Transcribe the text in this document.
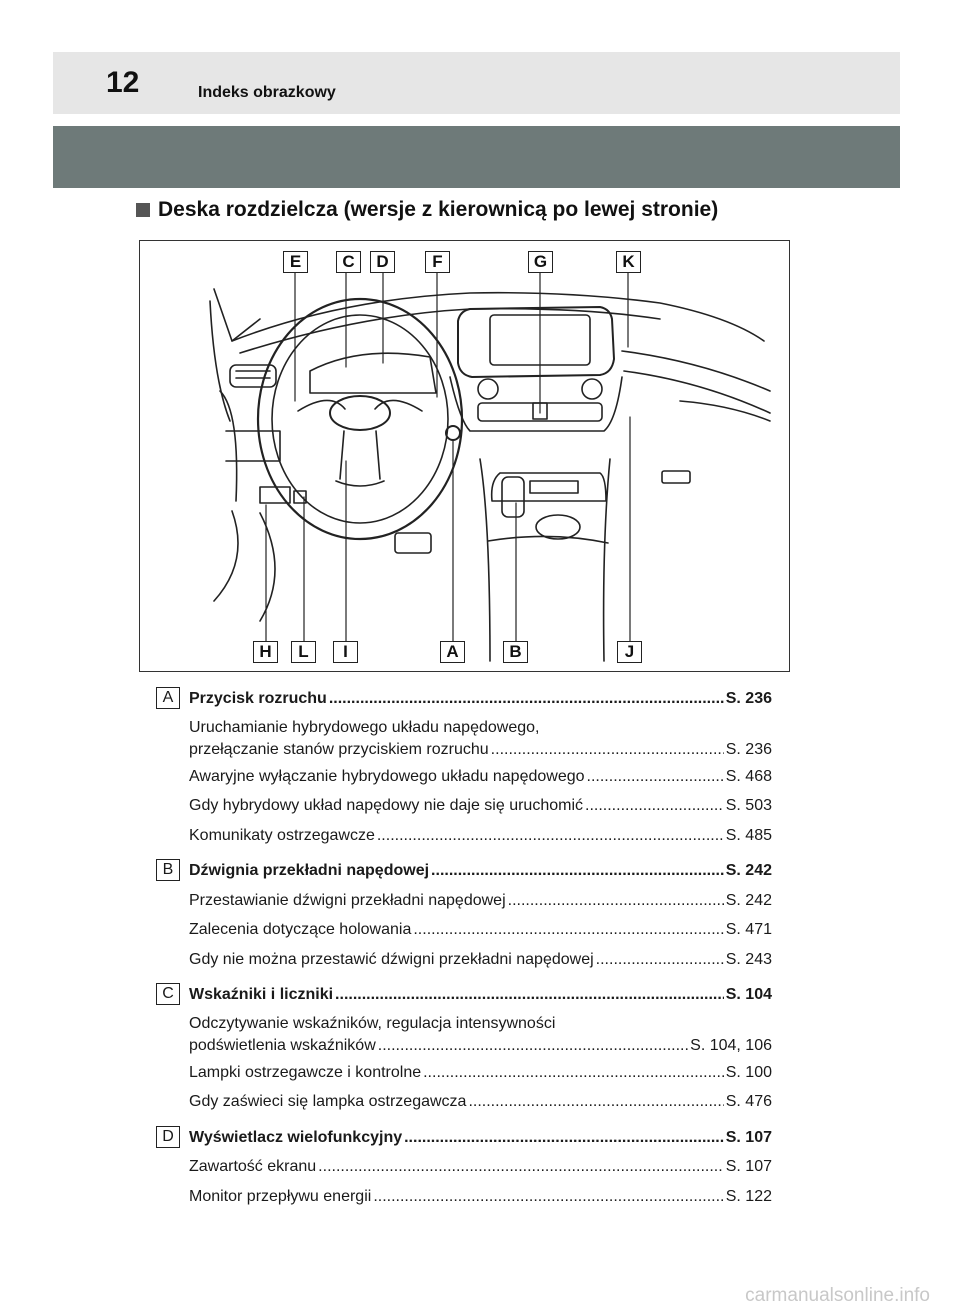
12	Indeks obrazkowy
Deska rozdzielcza (wersje z kierownicą po lewej stronie)
E	C	D	F	G	K
H	L	I	A	B	J
A Przycisk rozruchu .....	S. 236
Uruchamianie hybrydowego układu napędowego,
przełączanie stanów przyciskiem rozruchu .....	S. 236
Awaryjne wyłączanie hybrydowego układu napędowego .....	S. 468
Gdy hybrydowy układ napędowy nie daje się uruchomić .....	S. 503
Komunikaty ostrzegawcze .....	S. 485
B Dźwignia przekładni napędowej .....	S. 242
Przestawianie dźwigni przekładni napędowej .....	S. 242
Zalecenia dotyczące holowania .....	S. 471
Gdy nie można przestawić dźwigni przekładni napędowej .....	S. 243
C Wskaźniki i liczniki .....	S. 104
Odczytywanie wskaźników, regulacja intensywności
podświetlenia wskaźników .....	S. 104, 106
Lampki ostrzegawcze i kontrolne .....	S. 100
Gdy zaświeci się lampka ostrzegawcza .....	S. 476
D Wyświetlacz wielofunkcyjny .....	S. 107
Zawartość ekranu .....	S. 107
Monitor przepływu energii .....	S. 122
carmanualsonline.info
